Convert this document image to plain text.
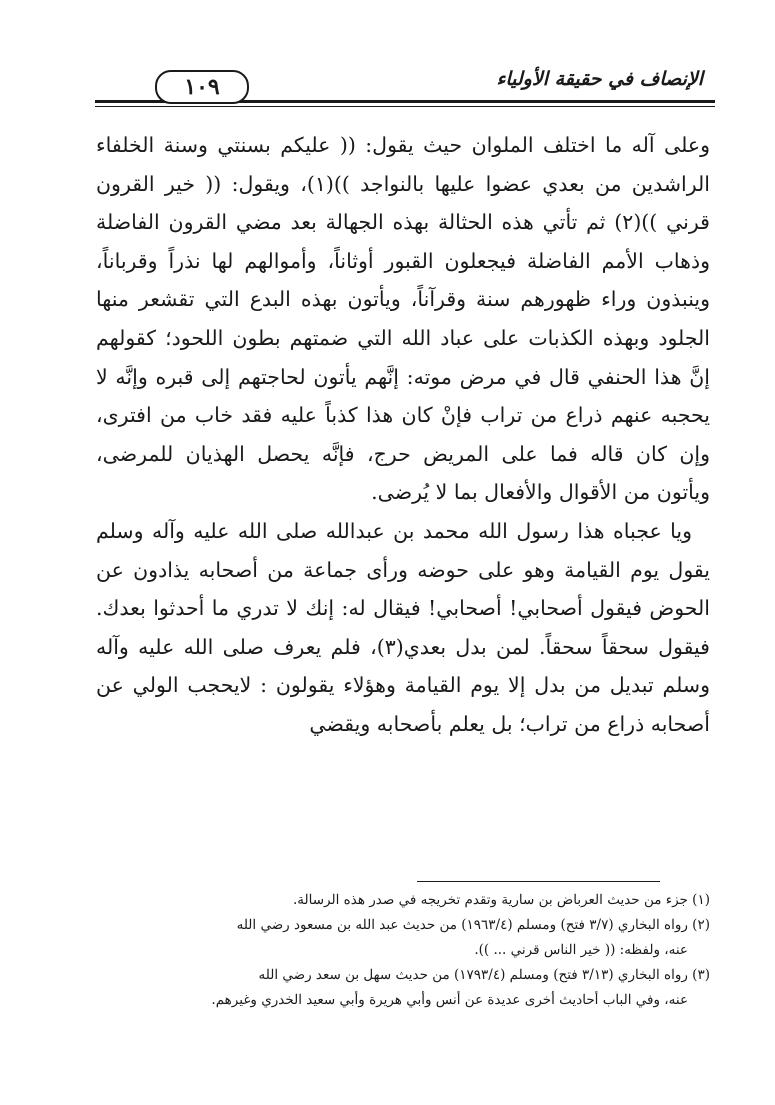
١٠٩	الإنصاف في حقيقة الأولياء

وعلى آله ما اختلف الملوان حيث يقول: (( عليكم بسنتي وسنة الخلفاء الراشدين من بعدي عضوا عليها بالنواجد ))(١)، ويقول: (( خير القرون قرني ))(٢) ثم تأتي هذه الحثالة بهذه الجهالة بعد مضي القرون الفاضلة وذهاب الأمم الفاضلة فيجعلون القبور أوثاناً، وأموالهم لها نذراً وقرباناً، وينبذون وراء ظهورهم سنة وقرآناً، ويأتون بهذه البدع التي تقشعر منها الجلود وبهذه الكذبات على عباد الله التي ضمتهم بطون اللحود؛ كقولهم إنَّ هذا الحنفي قال في مرض موته: إنَّهم يأتون لحاجتهم إلى قبره وإنَّه لا يحجبه عنهم ذراع من تراب فإنْ كان هذا كذباً عليه فقد خاب من افترى، وإن كان قاله فما على المريض حرج، فإنَّه يحصل الهذيان للمرضى، ويأتون من الأقوال والأفعال بما لا يُرضى.

ويا عجباه هذا رسول الله محمد بن عبدالله صلى الله عليه وآله وسلم يقول يوم القيامة وهو على حوضه ورأى جماعة من أصحابه يذادون عن الحوض فيقول أصحابي! أصحابي! فيقال له: إنك لا تدري ما أحدثوا بعدك. فيقول سحقاً سحقاً. لمن بدل بعدي(٣)، فلم يعرف صلى الله عليه وآله وسلم تبديل من بدل إلا يوم القيامة وهؤلاء يقولون : لايحجب الولي عن أصحابه ذراع من تراب؛ بل يعلم بأصحابه ويقضي

(١) جزء من حديث العرباض بن سارية وتقدم تخريجه في صدر هذه الرسالة.

(٢) رواه البخاري (٣/٧ فتح) ومسلم (١٩٦٣/٤) من حديث عبد الله بن مسعود رضي الله

عنه، ولفظه: (( خير الناس قرني ... )).

(٣) رواه البخاري (٣/١٣ فتح) ومسلم (١٧٩٣/٤) من حديث سهل بن سعد رضي الله

عنه، وفي الباب أحاديث أخرى عديدة عن أنس وأبي هريرة وأبي سعيد الخدري وغيرهم.
